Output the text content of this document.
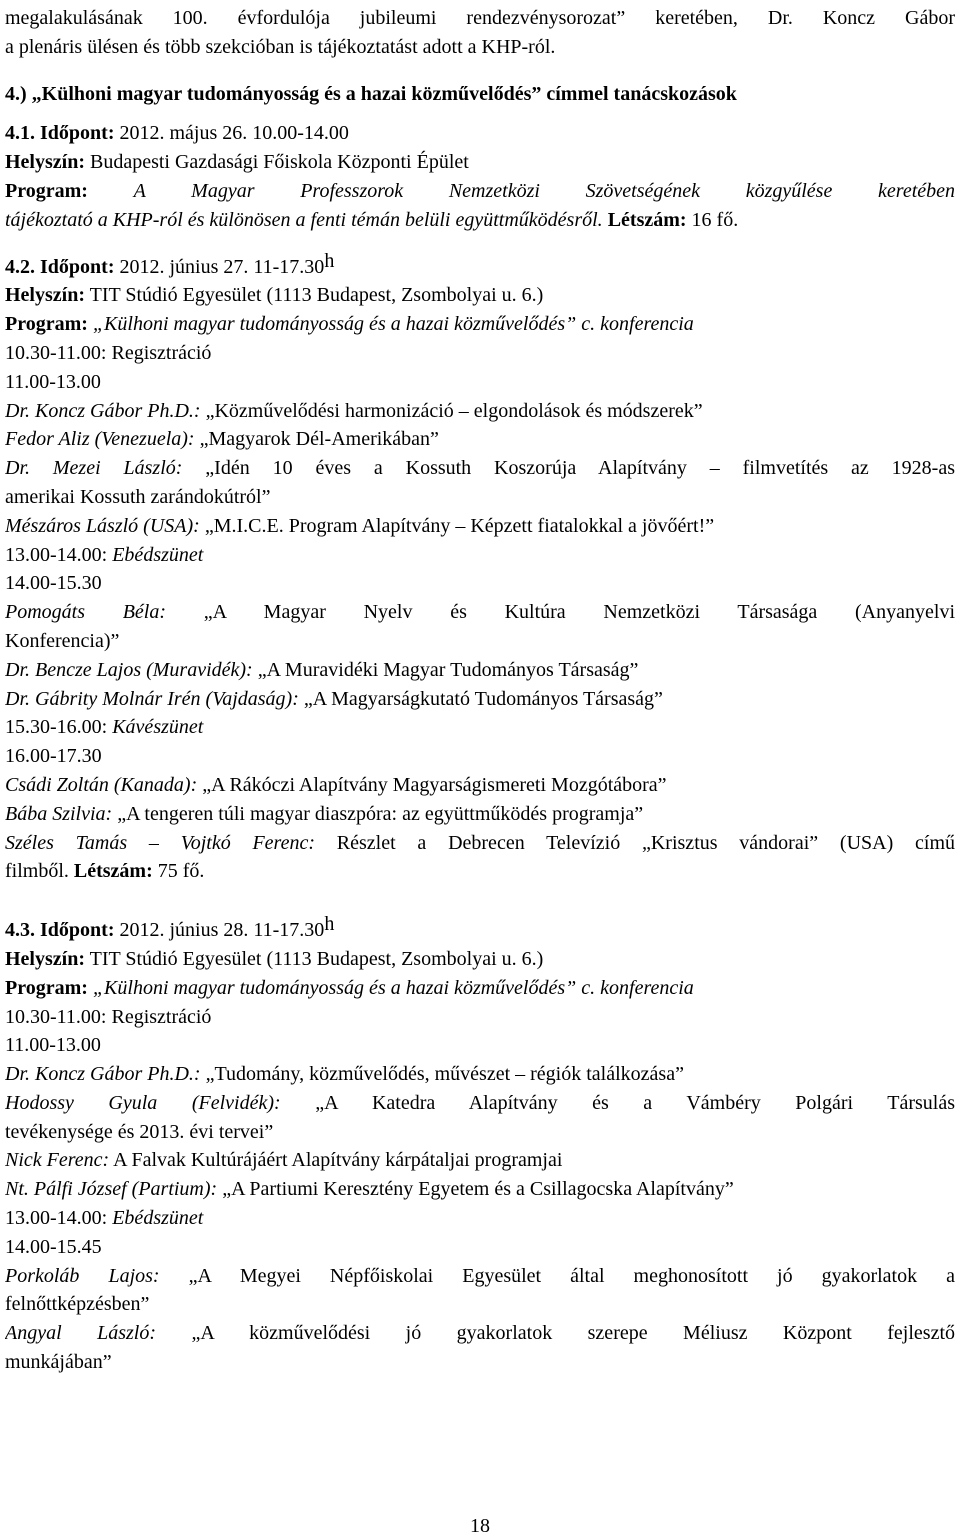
megalakulásának 100. évfordulója jubileumi rendezvénysorozat” keretében, Dr. Koncz Gábor
a plenáris ülésen és több szekcióban is tájékoztatást adott a KHP-ról.
4.) „Külhoni magyar tudományosság és a hazai közművelődés” címmel tanácskozások
4.1. Időpont: 2012. május 26. 10.00-14.00
Helyszín: Budapesti Gazdasági Főiskola Központi Épület
Program: A Magyar Professzorok Nemzetközi Szövetségének közgyűlése keretében
tájékoztató a KHP-ról és különösen a fenti témán belüli együttműködésről. Létszám: 16 fő.
4.2. Időpont: 2012. június 27. 11-17.30$^h$
Helyszín: TIT Stúdió Egyesület (1113 Budapest, Zsombolyai u. 6.)
Program: „Külhoni magyar tudományosság és a hazai közművelődés” c. konferencia
10.30-11.00: Regisztráció
11.00-13.00
Dr. Koncz Gábor Ph.D.: „Közművelődési harmonizáció – elgondolások és módszerek”
Fedor Aliz (Venezuela): „Magyarok Dél-Amerikában”
Dr. Mezei László: „Idén 10 éves a Kossuth Koszorúja Alapítvány – filmvetítés az 1928-as
amerikai Kossuth zarándokútról”
Mészáros László (USA): „M.I.C.E. Program Alapítvány – Képzett fiatalokkal a jövőért!”
13.00-14.00: Ebédszünet
14.00-15.30
Pomogáts Béla: „A Magyar Nyelv és Kultúra Nemzetközi Társasága (Anyanyelvi
Konferencia)”
Dr. Bencze Lajos (Muravidék): „A Muravidéki Magyar Tudományos Társaság”
Dr. Gábrity Molnár Irén (Vajdaság): „A Magyarságkutató Tudományos Társaság”
15.30-16.00: Kávészünet
16.00-17.30
Csádi Zoltán (Kanada): „A Rákóczi Alapítvány Magyarságismereti Mozgótábora”
Bába Szilvia: „A tengeren túli magyar diaszpóra: az együttműködés programja”
Széles Tamás – Vojtkó Ferenc: Részlet a Debrecen Televízió „Krisztus vándorai” (USA) című
filmből. Létszám: 75 fő.
4.3. Időpont: 2012. június 28. 11-17.30$^h$
Helyszín: TIT Stúdió Egyesület (1113 Budapest, Zsombolyai u. 6.)
Program: „Külhoni magyar tudományosság és a hazai közművelődés” c. konferencia
10.30-11.00: Regisztráció
11.00-13.00
Dr. Koncz Gábor Ph.D.: „Tudomány, közművelődés, művészet – régiók találkozása”
Hodossy Gyula (Felvidék): „A Katedra Alapítvány és a Vámbéry Polgári Társulás
tevékenysége és 2013. évi tervei”
Nick Ferenc: A Falvak Kultúrájáért Alapítvány kárpátaljai programjai
Nt. Pálfi József (Partium): „A Partiumi Keresztény Egyetem és a Csillagocska Alapítvány”
13.00-14.00: Ebédszünet
14.00-15.45
Porkoláb Lajos: „A Megyei Népfőiskolai Egyesület által meghonosított jó gyakorlatok a
felnőttképzésben”
Angyal László: „A közművelődési jó gyakorlatok szerepe Méliusz Központ fejlesztő
munkájában”
18
